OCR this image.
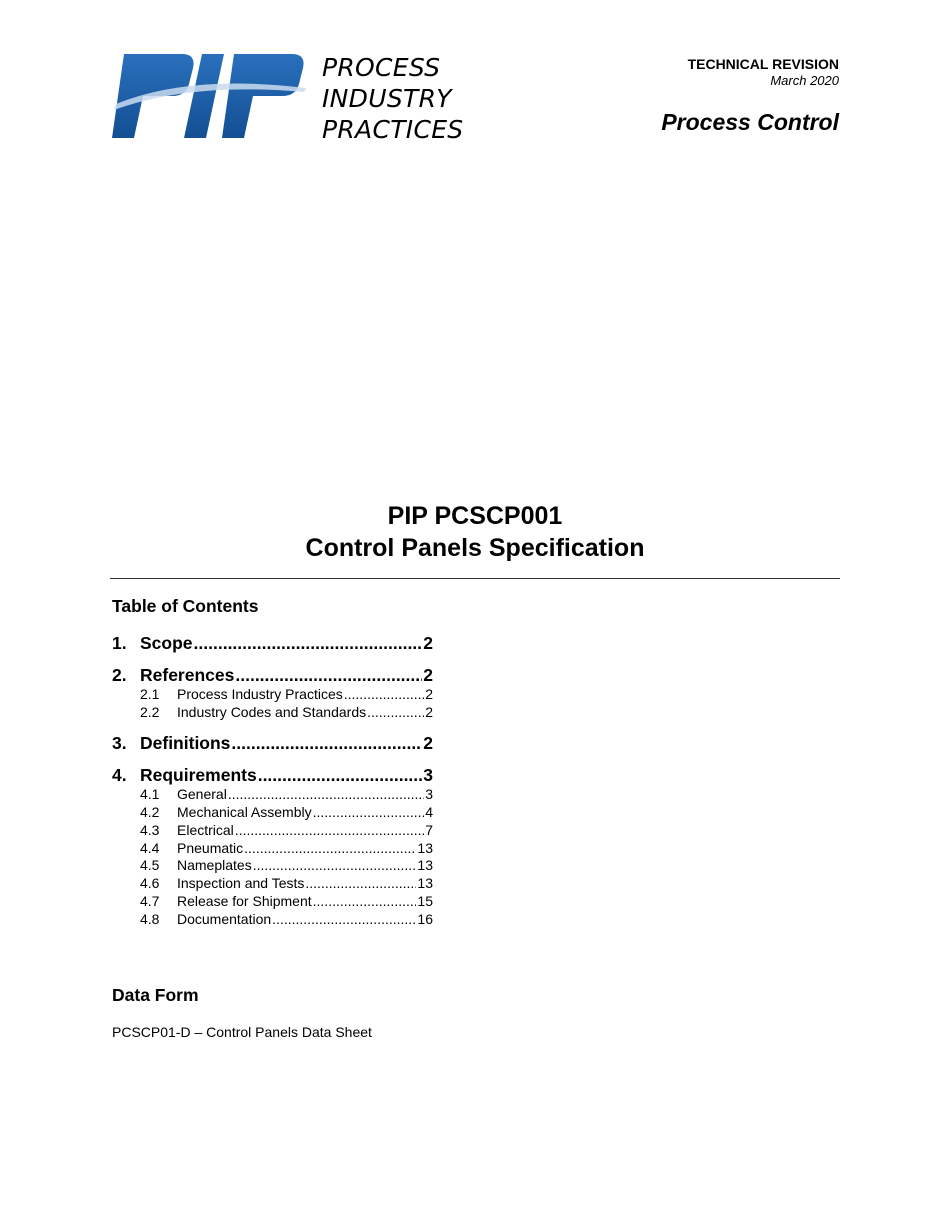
PIP
PROCESS
INDUSTRY
PRACTICES
TECHNICAL REVISION
March 2020
Process Control
PIP PCSCP001
Control Panels Specification
Table of Contents
1. Scope .....	2
2. References .....	2
2.1	Process Industry Practices .....	2
2.2	Industry Codes and Standards .....	2
3. Definitions .....	2
4. Requirements .....	3
4.1	General .....	3
4.2	Mechanical Assembly .....	4
4.3	Electrical .....	7
4.4	Pneumatic .....	13
4.5	Nameplates .....	13
4.6	Inspection and Tests .....	13
4.7	Release for Shipment .....	15
4.8	Documentation .....	16
Data Form
PCSCP01-D – Control Panels Data Sheet
